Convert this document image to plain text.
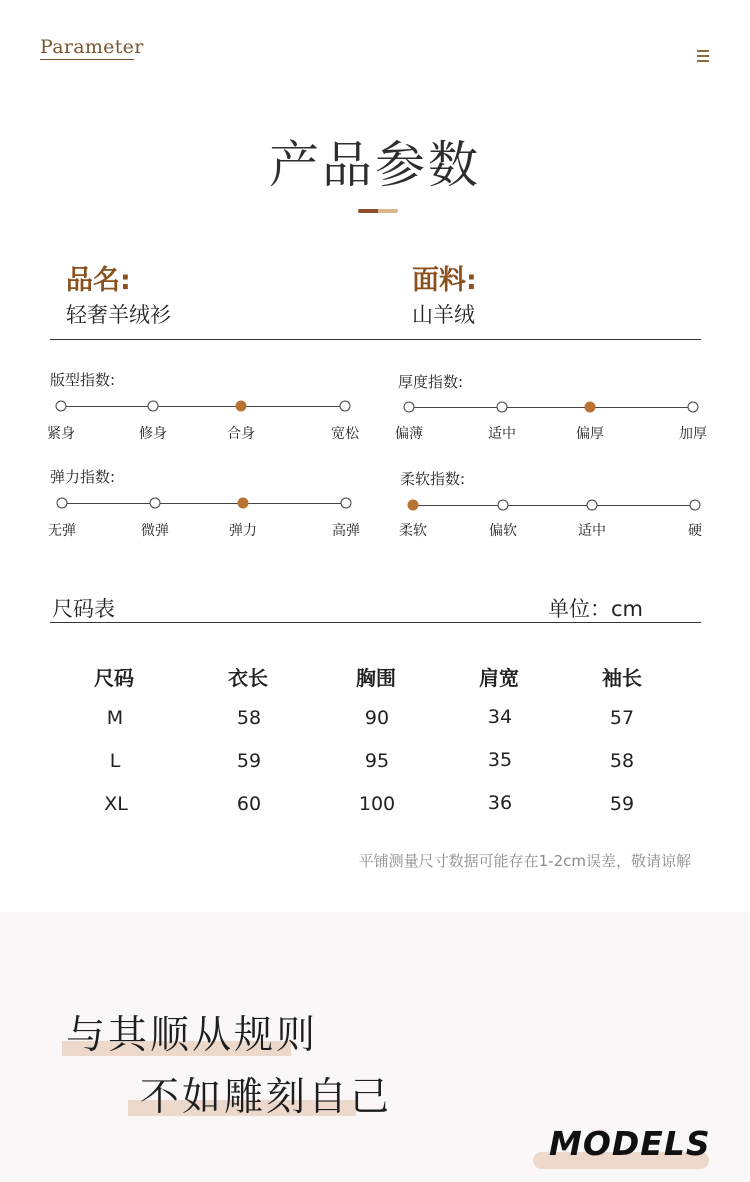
Parameter
产品参数
品名:
轻奢羊绒衫
面料:
山羊绒
版型指数:	厚度指数:
弹力指数:	柔软指数:
紧身	修身	合身	宽松	偏薄	适中	偏厚	加厚
无弹	微弹	弹力	高弹	柔软	偏软	适中	硬
尺码表	单位：cm
尺码	衣长	胸围	肩宽	袖长
M	58	90	34	57
L	59	95	35	58
XL	60	100	36	59
平铺测量尺寸数据可能存在1-2cm误差，敬请谅解
与其顺从规则
不如雕刻自己
MODELS
